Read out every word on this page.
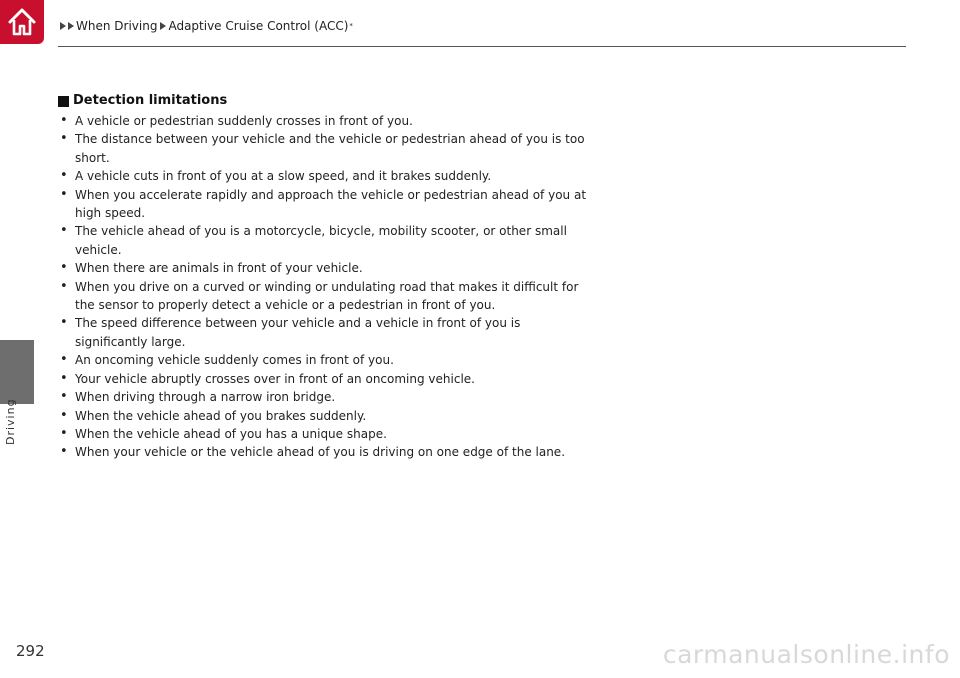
When Driving Adaptive Cruise Control (ACC) *
Driving
Detection limitations
• A vehicle or pedestrian suddenly crosses in front of you.
• The distance between your vehicle and the vehicle or pedestrian ahead of you is too short.
• A vehicle cuts in front of you at a slow speed, and it brakes suddenly.
• When you accelerate rapidly and approach the vehicle or pedestrian ahead of you at high speed.
• The vehicle ahead of you is a motorcycle, bicycle, mobility scooter, or other small vehicle.
• When there are animals in front of your vehicle.
• When you drive on a curved or winding or undulating road that makes it difficult for the sensor to properly detect a vehicle or a pedestrian in front of you.
• The speed difference between your vehicle and a vehicle in front of you is significantly large.
• An oncoming vehicle suddenly comes in front of you.
• Your vehicle abruptly crosses over in front of an oncoming vehicle.
• When driving through a narrow iron bridge.
• When the vehicle ahead of you brakes suddenly.
• When the vehicle ahead of you has a unique shape.
• When your vehicle or the vehicle ahead of you is driving on one edge of the lane.
292	carmanualsonline.info
